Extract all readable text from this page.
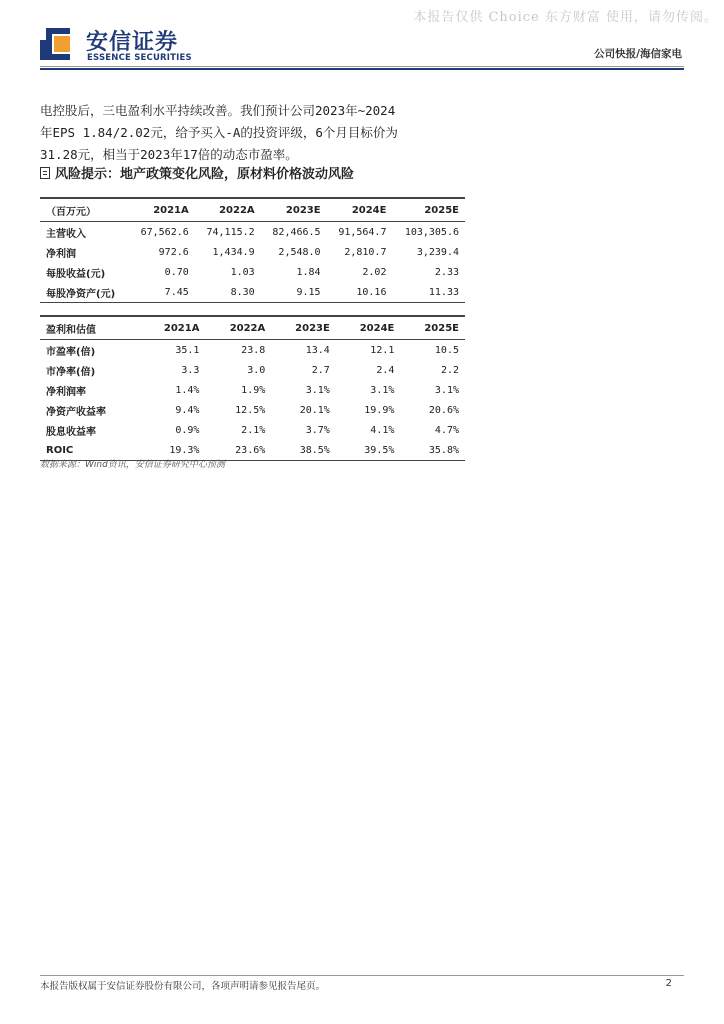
本报告仅供 Choice 东方财富 使用，请勿传阅。
安信证券
ESSENCE SECURITIES	公司快报/海信家电

电控股后，三电盈利水平持续改善。我们预计公司2023年~2024

年EPS 1.84/2.02元，给予买入-A的投资评级，6个月目标价为

31.28元，相当于2023年17倍的动态市盈率。

风险提示：地产政策变化风险，原材料价格波动风险
（百万元）	2021A	2022A	2023E	2024E	2025E
主营收入	67,562.6	74,115.2	82,466.5	91,564.7	103,305.6
净利润	972.6	1,434.9	2,548.0	2,810.7	3,239.4
每股收益(元)	0.70	1.03	1.84	2.02	2.33
每股净资产(元)	7.45	8.30	9.15	10.16	11.33
盈利和估值	2021A	2022A	2023E	2024E	2025E
市盈率(倍)	35.1	23.8	13.4	12.1	10.5
市净率(倍)	3.3	3.0	2.7	2.4	2.2
净利润率	1.4%	1.9%	3.1%	3.1%	3.1%
净资产收益率	9.4%	12.5%	20.1%	19.9%	20.6%
股息收益率	0.9%	2.1%	3.7%	4.1%	4.7%
ROIC	19.3%	23.6%	38.5%	39.5%	35.8%
数据来源：Wind资讯，安信证券研究中心预测
本报告版权属于安信证券股份有限公司，各项声明请参见报告尾页。	2
